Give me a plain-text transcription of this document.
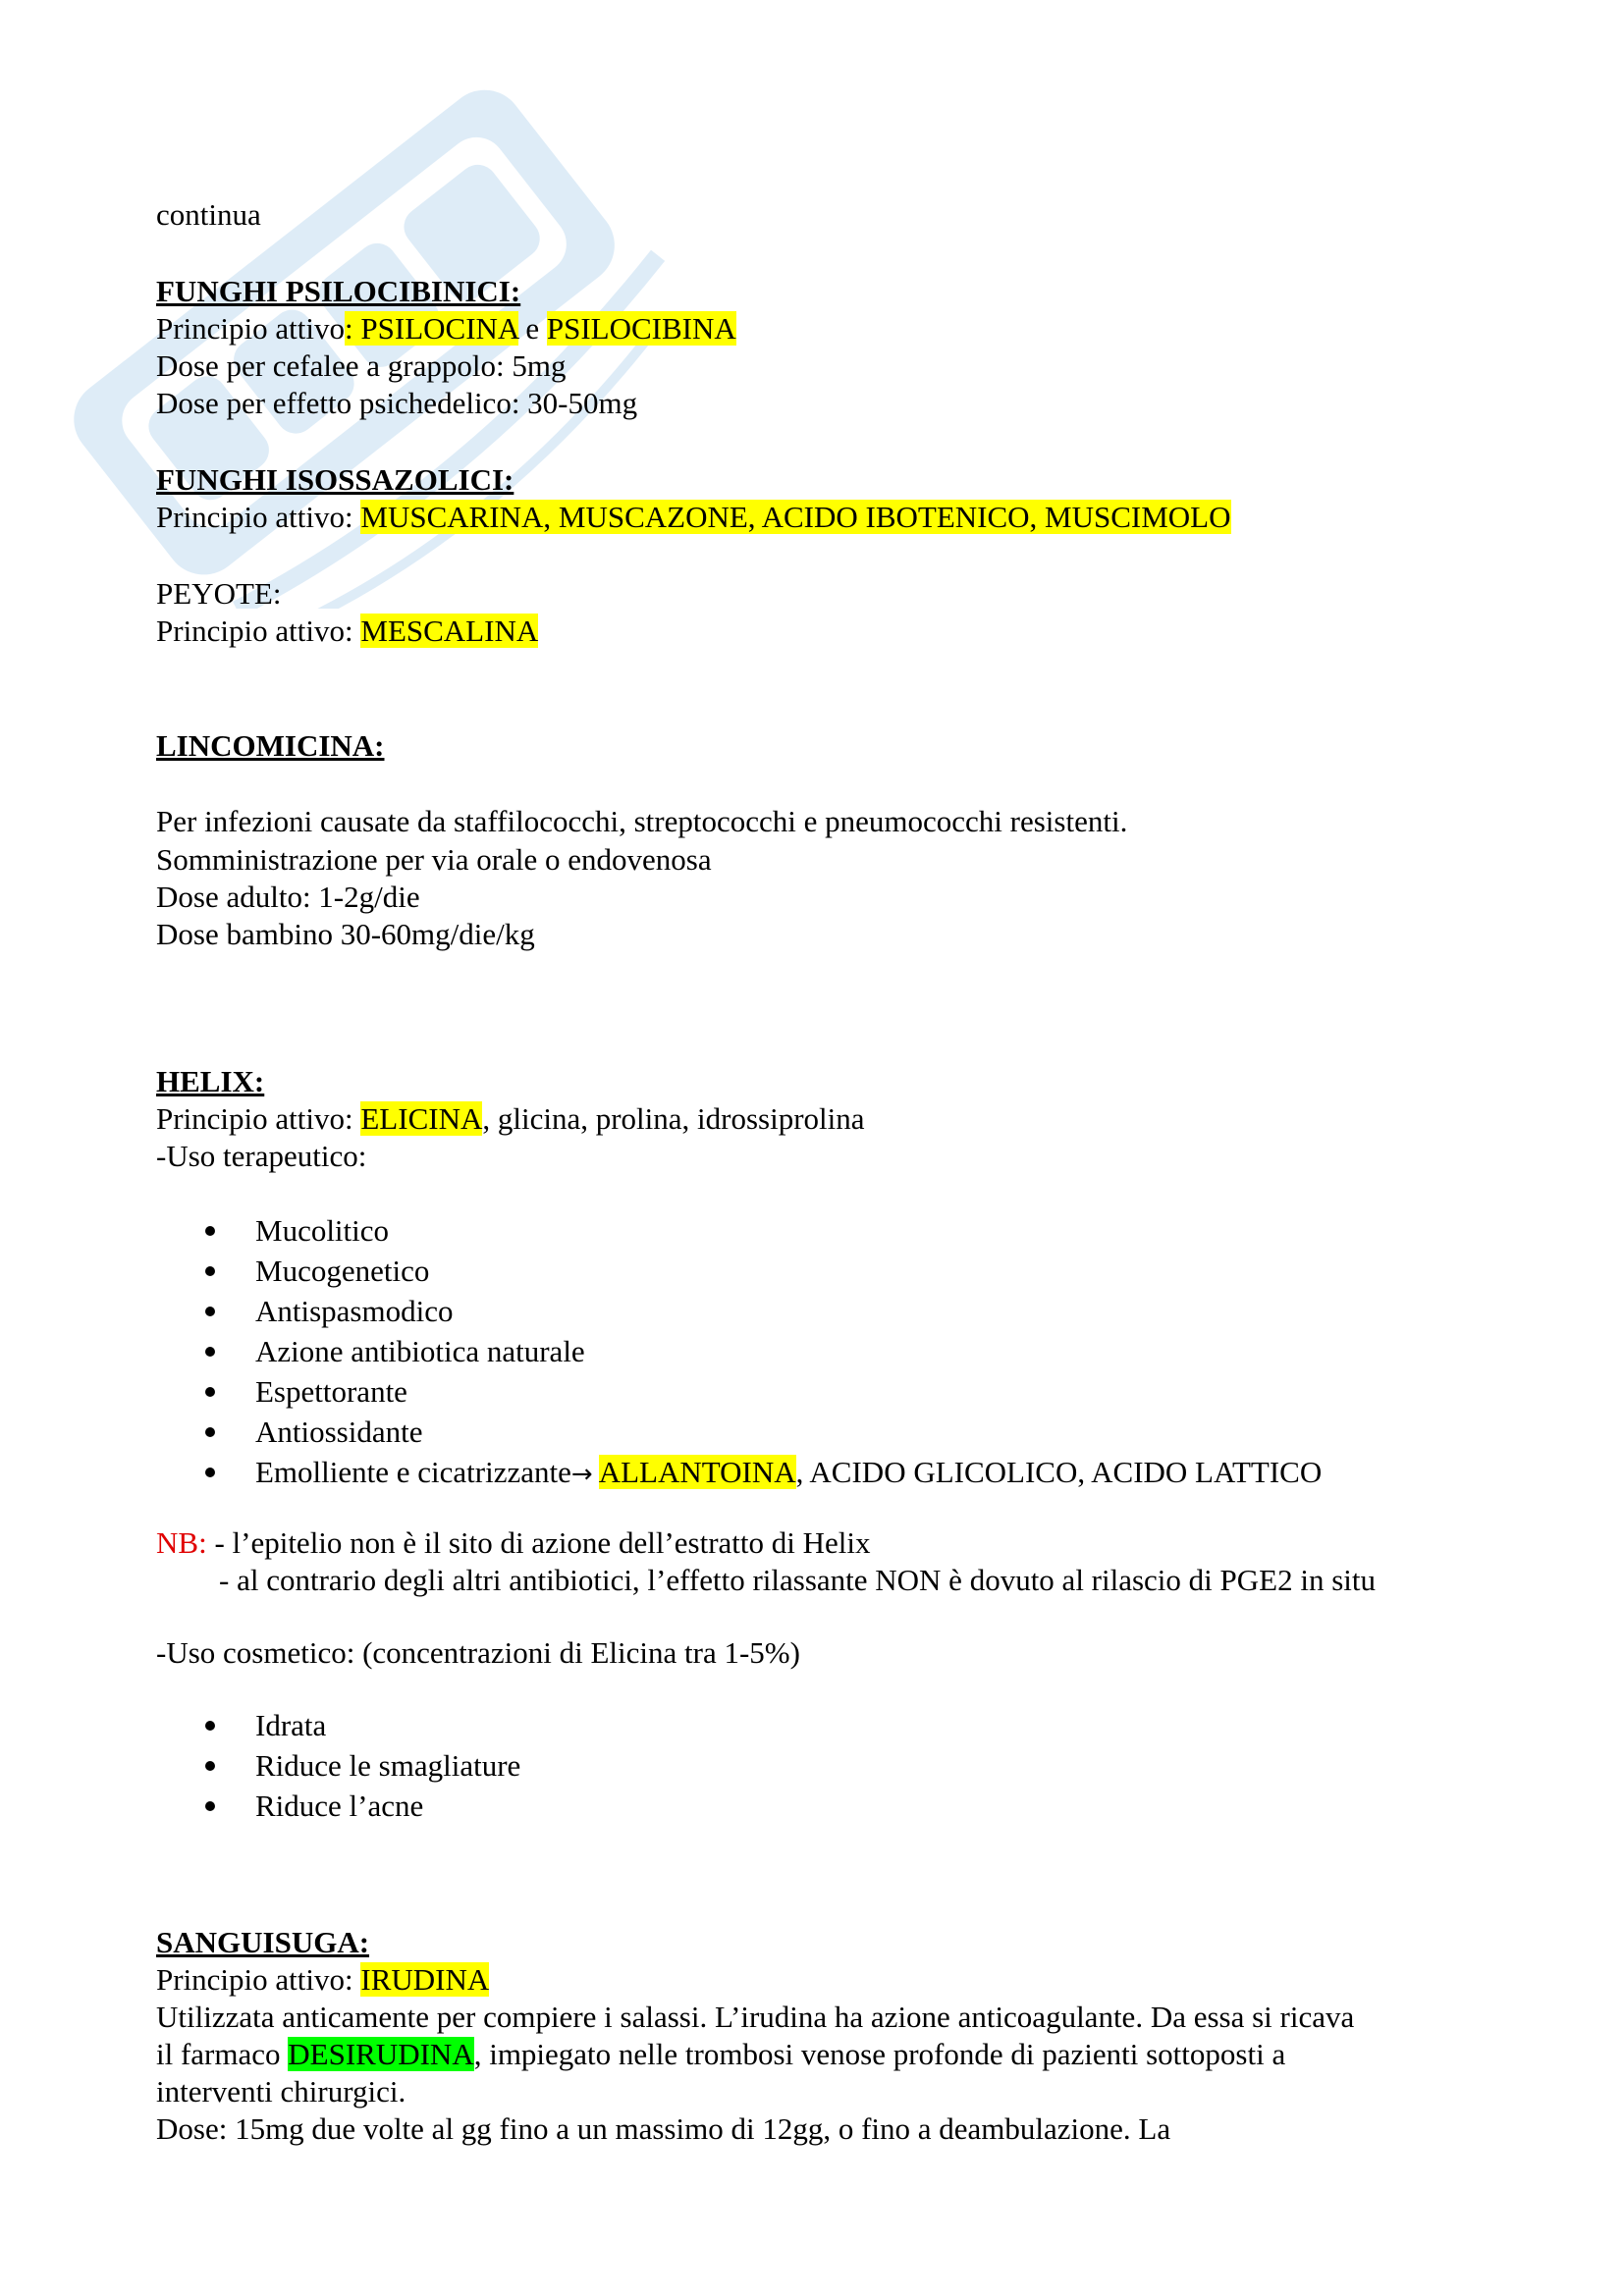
continua
FUNGHI PSILOCIBINICI:
Principio attivo: PSILOCINA e PSILOCIBINA
Dose per cefalee a grappolo: 5mg
Dose per effetto psichedelico: 30-50mg
FUNGHI ISOSSAZOLICI:
Principio attivo: MUSCARINA, MUSCAZONE, ACIDO IBOTENICO, MUSCIMOLO
PEYOTE:
Principio attivo: MESCALINA
LINCOMICINA:
Per infezioni causate da staffilococchi, streptococchi e pneumococchi resistenti.
Somministrazione per via orale o endovenosa
Dose adulto: 1-2g/die
Dose bambino 30-60mg/die/kg
HELIX:
Principio attivo: ELICINA, glicina, prolina, idrossiprolina
-Uso terapeutico:
Mucolitico
Mucogenetico
Antispasmodico
Azione antibiotica naturale
Espettorante
Antiossidante
Emolliente e cicatrizzante→ ALLANTOINA, ACIDO GLICOLICO, ACIDO LATTICO
NB: - l’epitelio non è il sito di azione dell’estratto di Helix
- al contrario degli altri antibiotici, l’effetto rilassante NON è dovuto al rilascio di PGE2 in situ
-Uso cosmetico: (concentrazioni di Elicina tra 1-5%)
Idrata
Riduce le smagliature
Riduce l’acne
SANGUISUGA:
Principio attivo: IRUDINA
Utilizzata anticamente per compiere i salassi. L’irudina ha azione anticoagulante. Da essa si ricava
il farmaco DESIRUDINA, impiegato nelle trombosi venose profonde di pazienti sottoposti a
interventi chirurgici.
Dose: 15mg due volte al gg fino a un massimo di 12gg, o fino a deambulazione. La
